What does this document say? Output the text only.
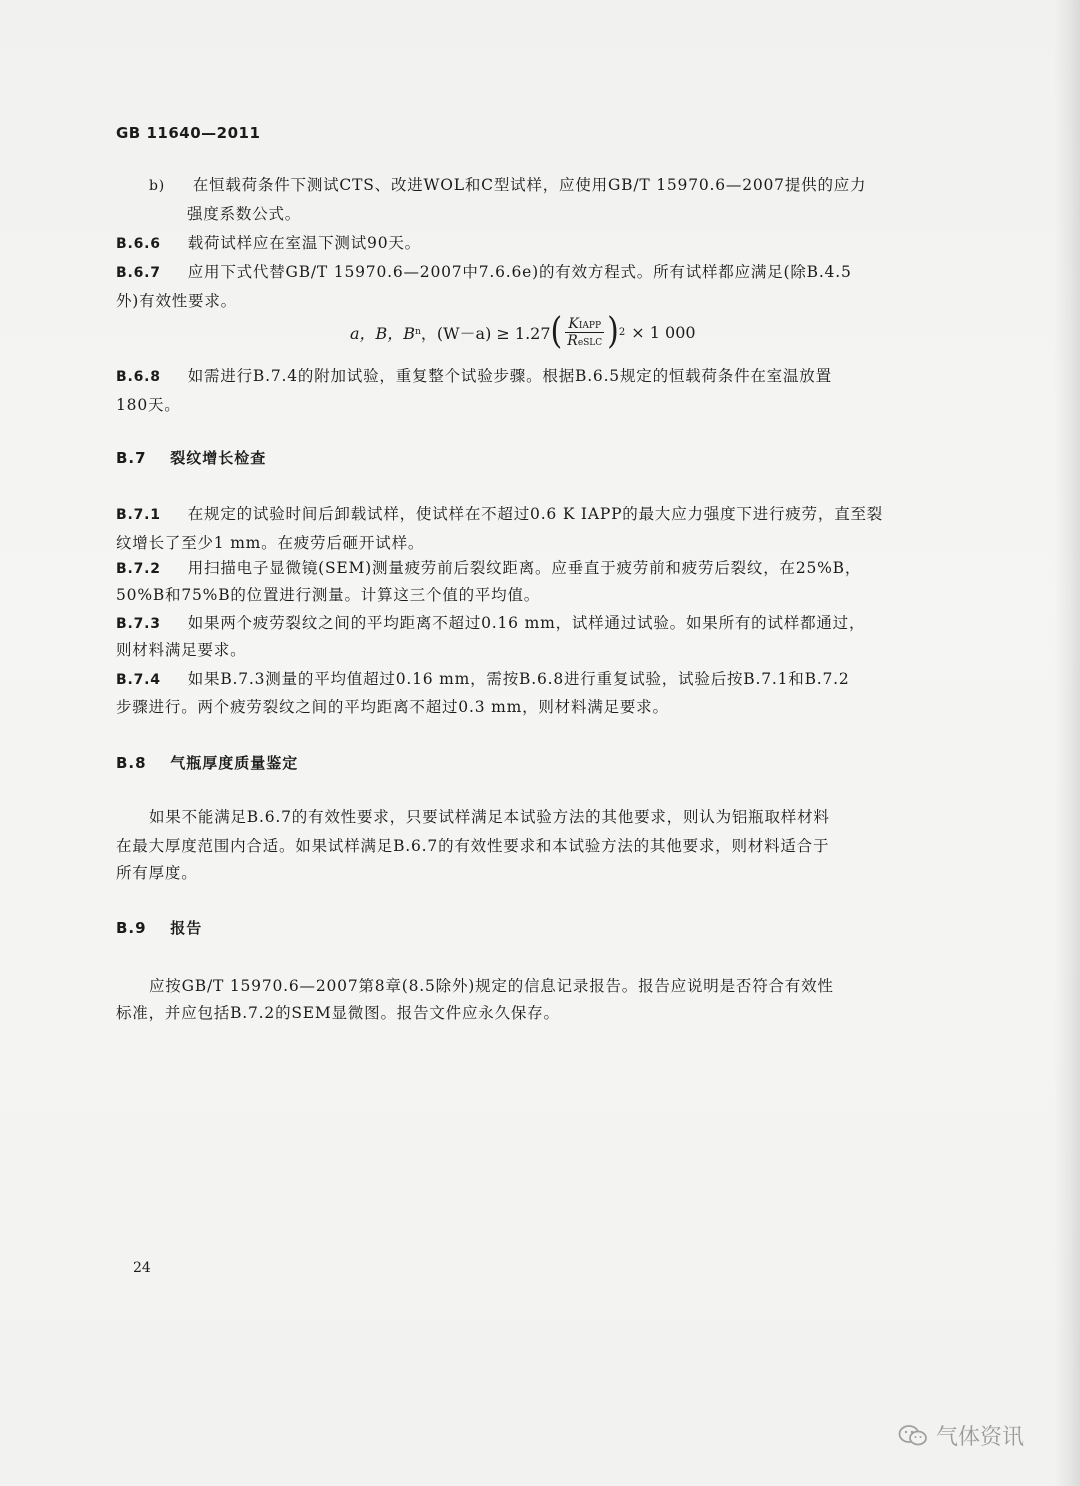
GB 11640—2011
b) 在恒载荷条件下测试CTS、改进WOL和C型试样，应使用GB/T 15970.6—2007提供的应力
强度系数公式。
B.6.6 载荷试样应在室温下测试90天。
B.6.7 应用下式代替GB/T 15970.6—2007中7.6.6e)的有效方程式。所有试样都应满足(除B.4.5
外)有效性要求。
a，B，B n ，(W－a) ≥ 1.27 ( $\frac{\text{KIAPP}}{\text{ReSLC}}$ ) 2 × 1 000
B.6.8 如需进行B.7.4的附加试验，重复整个试验步骤。根据B.6.5规定的恒载荷条件在室温放置
180天。
B.7 裂纹增长检查
B.7.1 在规定的试验时间后卸载试样，使试样在不超过0.6 K IAPP的最大应力强度下进行疲劳，直至裂
纹增长了至少1 mm。在疲劳后砸开试样。
B.7.2 用扫描电子显微镜(SEM)测量疲劳前后裂纹距离。应垂直于疲劳前和疲劳后裂纹，在25%B，
50%B和75%B的位置进行测量。计算这三个值的平均值。
B.7.3 如果两个疲劳裂纹之间的平均距离不超过0.16 mm，试样通过试验。如果所有的试样都通过，
则材料满足要求。
B.7.4 如果B.7.3测量的平均值超过0.16 mm，需按B.6.8进行重复试验，试验后按B.7.1和B.7.2
步骤进行。两个疲劳裂纹之间的平均距离不超过0.3 mm，则材料满足要求。
B.8 气瓶厚度质量鉴定
如果不能满足B.6.7的有效性要求，只要试样满足本试验方法的其他要求，则认为铝瓶取样材料
在最大厚度范围内合适。如果试样满足B.6.7的有效性要求和本试验方法的其他要求，则材料适合于
所有厚度。
B.9 报告
应按GB/T 15970.6—2007第8章(8.5除外)规定的信息记录报告。报告应说明是否符合有效性
标准，并应包括B.7.2的SEM显微图。报告文件应永久保存。
24
气体资讯
